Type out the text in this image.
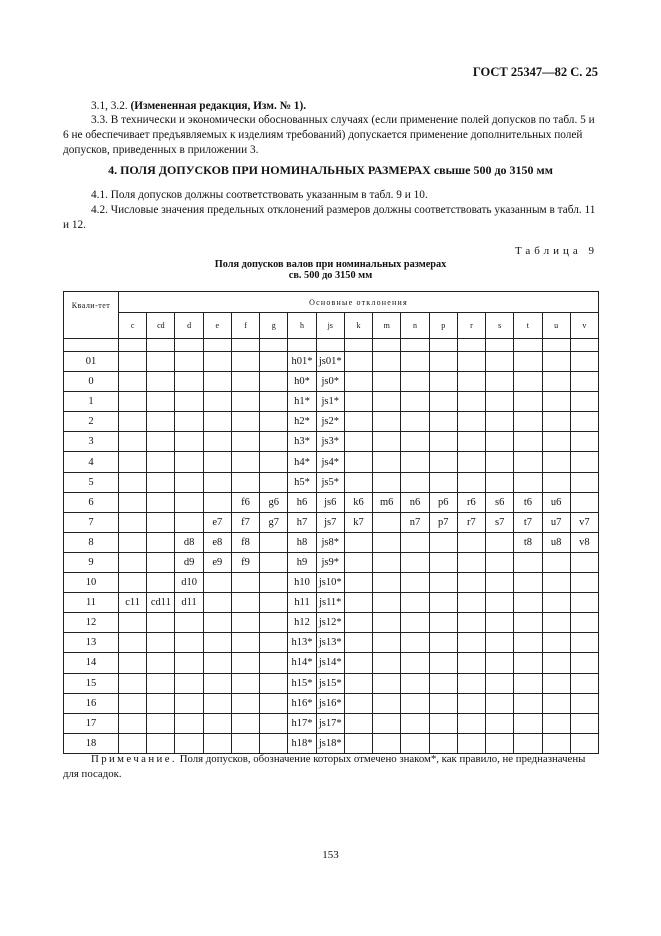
ГОСТ 25347—82 С. 25

3.1, 3.2. (Измененная редакция, Изм. № 1).

3.3. В технически и экономически обоснованных случаях (если применение полей допусков по табл. 5 и 6 не обеспечивает предъявляемых к изделиям требований) допускается применение дополнительных полей допусков, приведенных в приложении 3.

4. ПОЛЯ ДОПУСКОВ ПРИ НОМИНАЛЬНЫХ РАЗМЕРАХ свыше 500 до 3150 мм

4.1. Поля допусков должны соответствовать указанным в табл. 9 и 10.

4.2. Числовые значения предельных отклонений размеров должны соответствовать указанным в табл. 11 и 12.

Таблица 9
Поля допусков валов при номинальных размерах
св. 500 до 3150 мм
Квали-тет	Основные отклонения																
	c	cd	d	e	f	g	h	js	k	m	n	p	r	s	t	u	v

01							h01*	js01*									
0							h0*	js0*									
1							h1*	js1*									
2							h2*	js2*									
3							h3*	js3*									
4							h4*	js4*									
5							h5*	js5*									
6					f6	g6	h6	js6	k6	m6	n6	p6	r6	s6	t6	u6	
7				e7	f7	g7	h7	js7	k7		n7	p7	r7	s7	t7	u7	v7
8			d8	e8	f8		h8	js8*							t8	u8	v8
9			d9	e9	f9		h9	js9*									
10			d10				h10	js10*									
11	c11	cd11	d11				h11	js11*									
12							h12	js12*									
13							h13*	js13*									
14							h14*	js14*									
15							h15*	js15*									
16							h16*	js16*									
17							h17*	js17*									
18							h18*	js18*									
Примечание. Поля допусков, обозначение которых отмечено знаком*, как правило, не предназначены для посадок.
153
